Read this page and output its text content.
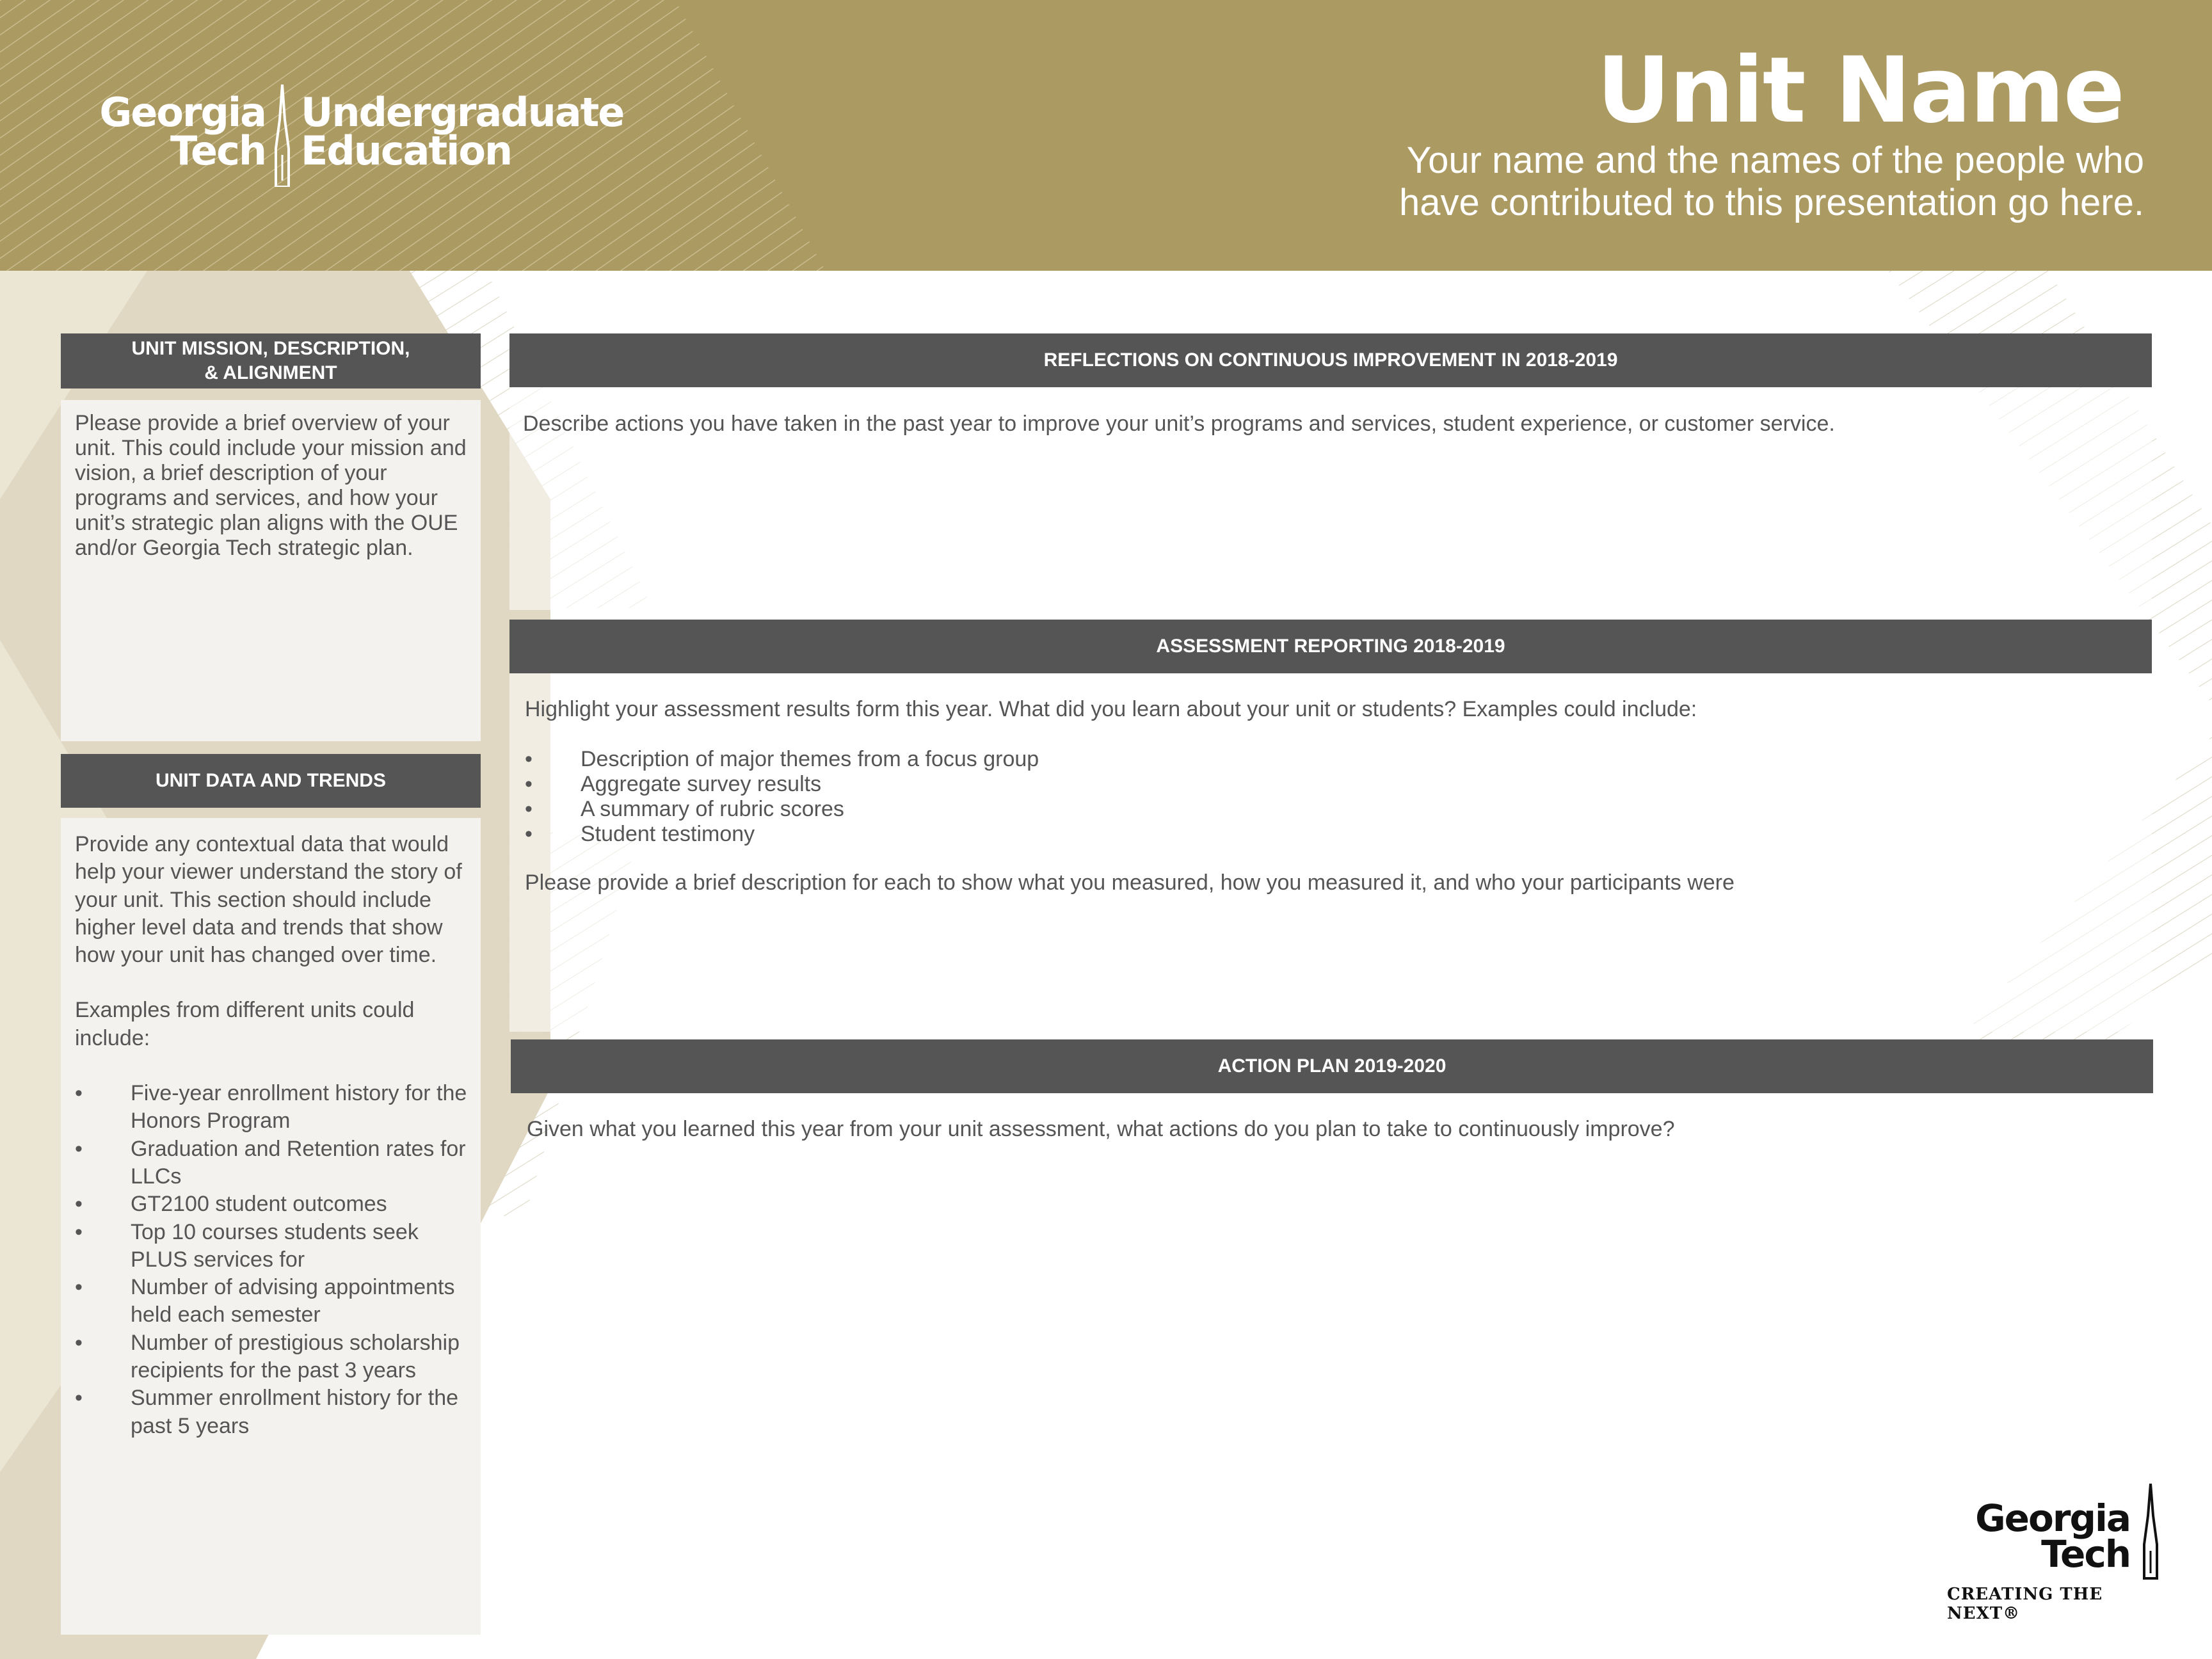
Georgia
Tech
Undergraduate
Education
Unit Name
Your name and the names of the people who
have contributed to this presentation go here.
UNIT MISSION, DESCRIPTION,
& ALIGNMENT
Please provide a brief overview of your unit. This could include your mission and vision, a brief description of your programs and services, and how your unit’s strategic plan aligns with the OUE and/or Georgia Tech strategic plan.
UNIT DATA AND TRENDS

Provide any contextual data that would help your viewer understand the story of your unit. This section should include higher level data and trends that show how your unit has changed over time.

Examples from different units could include:

• Five-year enrollment history for the Honors Program
• Graduation and Retention rates for LLCs
• GT2100 student outcomes
• Top 10 courses students seek PLUS services for
• Number of advising appointments held each semester
• Number of prestigious scholarship recipients for the past 3 years
• Summer enrollment history for the past 5 years
REFLECTIONS ON CONTINUOUS IMPROVEMENT IN 2018-2019
Describe actions you have taken in the past year to improve your unit’s programs and services, student experience, or customer service.
ASSESSMENT REPORTING 2018-2019

Highlight your assessment results form this year. What did you learn about your unit or students? Examples could include:

• Description of major themes from a focus group
• Aggregate survey results
• A summary of rubric scores
• Student testimony

Please provide a brief description for each to show what you measured, how you measured it, and who your participants were

ACTION PLAN 2019-2020
Given what you learned this year from your unit assessment, what actions do you plan to take to continuously improve?
Georgia
Tech
CREATING THE NEXT®
